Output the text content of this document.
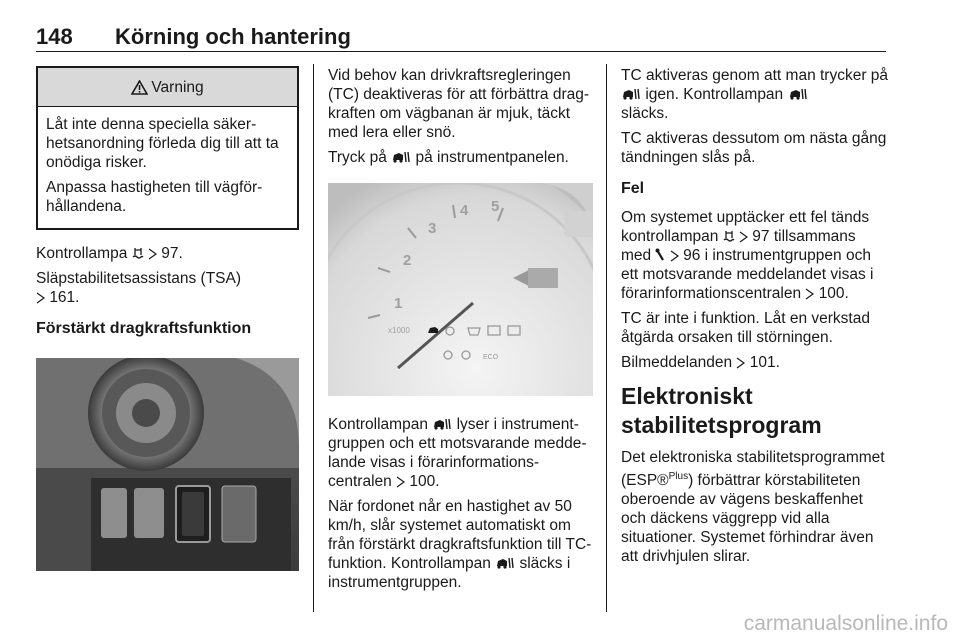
148 Körning och hantering
Varning

Låt inte denna speciella säkerhetsanordning förleda dig till att ta onödiga risker.

Anpassa hastigheten till vägförhållandena.

Kontrollampa 97.

Släpstabilitetsassistans (TSA)
161.

Förstärkt dragkraftsfunktion

Vid behov kan drivkraftsregleringen (TC) deaktiveras för att förbättra dragkraften om vägbanan är mjuk, täckt med lera eller snö.

Tryck på på instrumentpanelen.

1
2
3
4 5
x1000
ECO

Kontrollampan lyser i instrumentgruppen och ett motsvarande meddelande visas i förarinformationscentralen 100.

När fordonet når en hastighet av 50 km/h, slår systemet automatiskt om från förstärkt dragkraftsfunktion till TC-funktion. Kontrollampan släcks i instrumentgruppen.

TC aktiveras genom att man trycker på  igen. Kontrollampan
släcks.

TC aktiveras dessutom om nästa gång tändningen slås på.

Fel

Om systemet upptäcker ett fel tänds kontrollampan 97 tillsammans med 96 i instrumentgruppen och ett motsvarande meddelandet visas i förarinformationscentralen 100.

TC är inte i funktion. Låt en verkstad åtgärda orsaken till störningen.

Bilmeddelanden 101.

Elektroniskt
stabilitetsprogram

Det elektroniska stabilitetsprogrammet (ESP®$^{Plus}$) förbättrar körstabiliteten oberoende av vägens beskaffenhet och däckens väggrepp vid alla situationer. Systemet förhindrar även att drivhjulen slirar.

carmanualsonline.info
